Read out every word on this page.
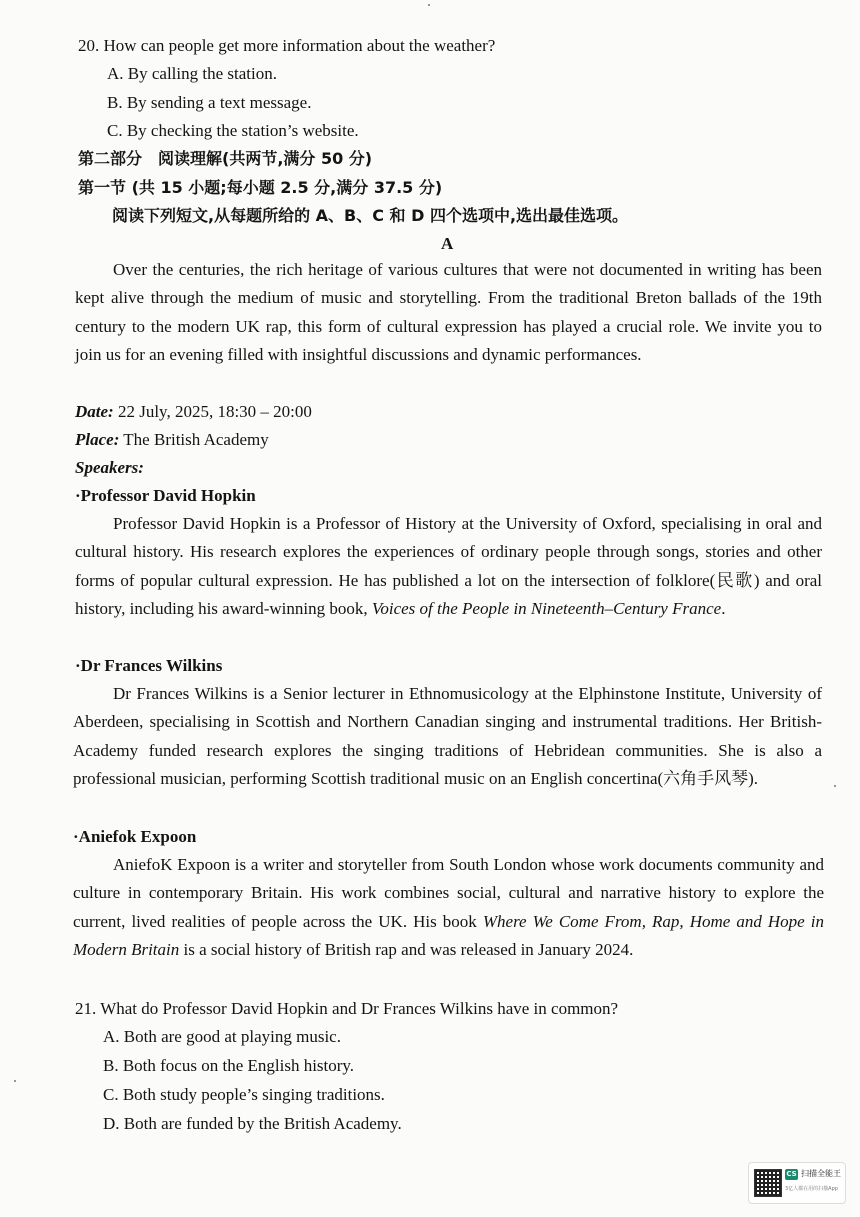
20. How can people get more information about the weather?
A. By calling the station.
B. By sending a text message.
C. By checking the station’s website.
第二部分　阅读理解(共两节,满分 50 分)
第一节 (共 15 小题;每小题 2.5 分,满分 37.5 分)
阅读下列短文,从每题所给的 A、B、C 和 D 四个选项中,选出最佳选项。
A
Over the centuries, the rich heritage of various cultures that were not documented in writing has been kept alive through the medium of music and storytelling. From the traditional Breton ballads of the 19th century to the modern UK rap, this form of cultural expression has played a crucial role. We invite you to join us for an evening filled with insightful discussions and dynamic performances.
Date: 22 July, 2025, 18:30 – 20:00
Place: The British Academy
Speakers:
·Professor David Hopkin
Professor David Hopkin is a Professor of History at the University of Oxford, specialising in oral and cultural history. His research explores the experiences of ordinary people through songs, stories and other forms of popular cultural expression. He has published a lot on the intersection of folklore(民歌) and oral history, including his award-winning book, Voices of the People in Nineteenth–Century France.
·Dr Frances Wilkins
Dr Frances Wilkins is a Senior lecturer in Ethnomusicology at the Elphinstone Institute, University of Aberdeen, specialising in Scottish and Northern Canadian singing and instrumental traditions. Her British-Academy funded research explores the singing traditions of Hebridean communities. She is also a professional musician, performing Scottish traditional music on an English concertina(六角手风琴).
·Aniefok Expoon
AniefoK Expoon is a writer and storyteller from South London whose work documents community and culture in contemporary Britain. His work combines social, cultural and narrative history to explore the current, lived realities of people across the UK. His book Where We Come From, Rap, Home and Hope in Modern Britain is a social history of British rap and was released in January 2024.
21. What do Professor David Hopkin and Dr Frances Wilkins have in common?
A. Both are good at playing music.
B. Both focus on the English history.
C. Both study people’s singing traditions.
D. Both are funded by the British Academy.
CS 扫描全能王
3亿人都在用的扫描App
